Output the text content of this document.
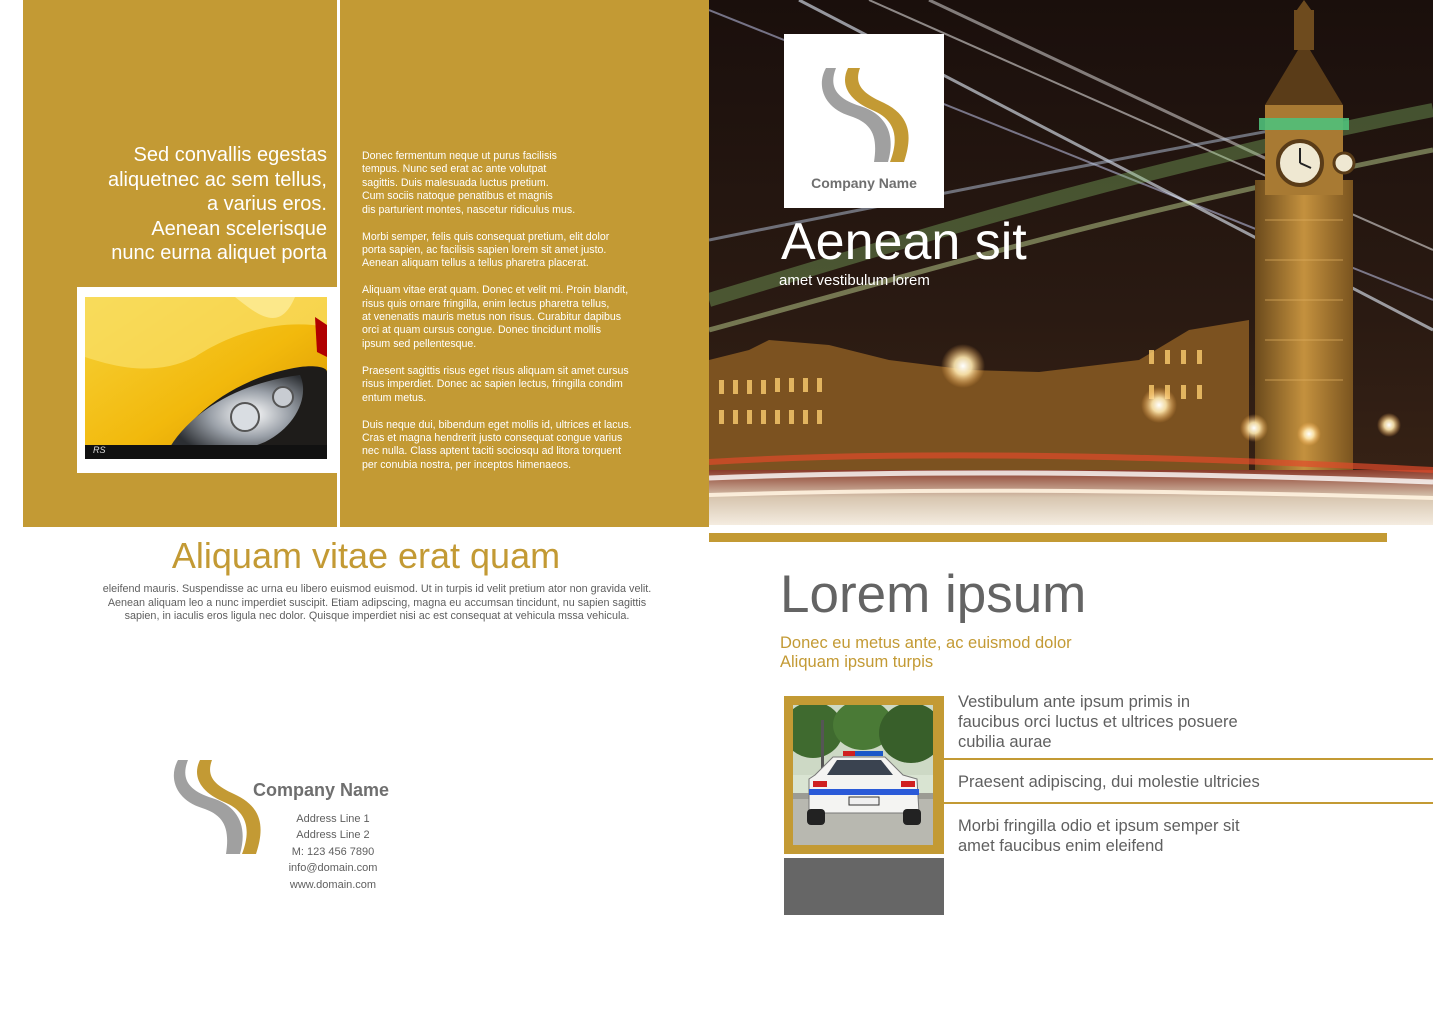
Sed convallis egestas
aliquetnec ac sem tellus,
a varius eros.
Aenean scelerisque
nunc eurna aliquet porta
RS

Donec fermentum neque ut purus facilisis
tempus. Nunc sed erat ac ante volutpat
sagittis. Duis malesuada luctus pretium.
Cum sociis natoque penatibus et magnis
dis parturient montes, nascetur ridiculus mus.

Morbi semper, felis quis consequat pretium, elit dolor
porta sapien, ac facilisis sapien lorem sit amet justo.
Aenean aliquam tellus a tellus pharetra placerat.

Aliquam vitae erat quam. Donec et velit mi. Proin blandit,
risus quis ornare fringilla, enim lectus pharetra tellus,
at venenatis mauris metus non risus. Curabitur dapibus
orci at quam cursus congue. Donec tincidunt mollis
ipsum sed pellentesque.

Praesent sagittis risus eget risus aliquam sit amet cursus
risus imperdiet. Donec ac sapien lectus, fringilla condim
entum metus.

Duis neque dui, bibendum eget mollis id, ultrices et lacus.
Cras et magna hendrerit justo consequat congue varius
nec nulla. Class aptent taciti sociosqu ad litora torquent
per conubia nostra, per inceptos himenaeos.

Company Name
Aenean sit
amet vestibulum lorem
Aliquam vitae erat quam
eleifend mauris. Suspendisse ac urna eu libero euismod euismod. Ut in turpis id velit pretium ator non gravida velit.
Aenean aliquam leo a nunc imperdiet suscipit. Etiam adipscing, magna eu accumsan tincidunt, nu sapien sagittis
sapien, in iaculis eros ligula nec dolor. Quisque imperdiet nisi ac est consequat at vehicula mssa vehicula.
Company Name
Address Line 1
Address Line 2
M: 123 456 7890
info@domain.com
www.domain.com
Lorem ipsum
Donec eu metus ante, ac euismod dolor
Aliquam ipsum turpis
Vestibulum ante ipsum primis in
faucibus orci luctus et ultrices posuere
cubilia aurae
Praesent adipiscing, dui molestie ultricies
Morbi fringilla odio et ipsum semper sit
amet faucibus enim eleifend
